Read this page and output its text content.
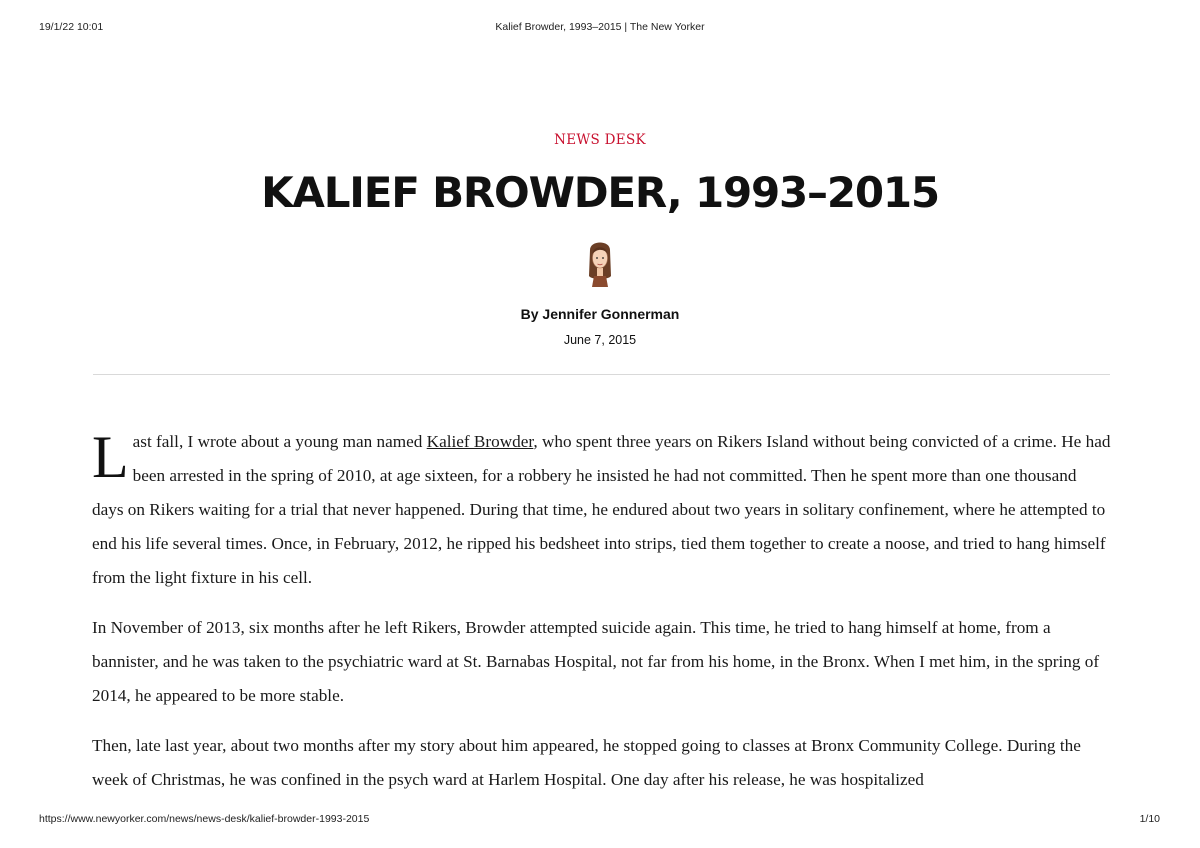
19/1/22 10:01	Kalief Browder, 1993–2015 | The New Yorker
NEWS DESK
KALIEF BROWDER, 1993–2015
By Jennifer Gonnerman
June 7, 2015

Last fall, I wrote about a young man named Kalief Browder, who spent three years on Rikers Island without being convicted of a crime. He had been arrested in the spring of 2010, at age sixteen, for a robbery he insisted he had not committed. Then he spent more than one thousand days on Rikers waiting for a trial that never happened. During that time, he endured about two years in solitary confinement, where he attempted to end his life several times. Once, in February, 2012, he ripped his bedsheet into strips, tied them together to create a noose, and tried to hang himself from the light fixture in his cell.

In November of 2013, six months after he left Rikers, Browder attempted suicide again. This time, he tried to hang himself at home, from a bannister, and he was taken to the psychiatric ward at St. Barnabas Hospital, not far from his home, in the Bronx. When I met him, in the spring of 2014, he appeared to be more stable.

Then, late last year, about two months after my story about him appeared, he stopped going to classes at Bronx Community College. During the week of Christmas, he was confined in the psych ward at Harlem Hospital. One day after his release, he was hospitalized

https://www.newyorker.com/news/news-desk/kalief-browder-1993-2015	1/10
